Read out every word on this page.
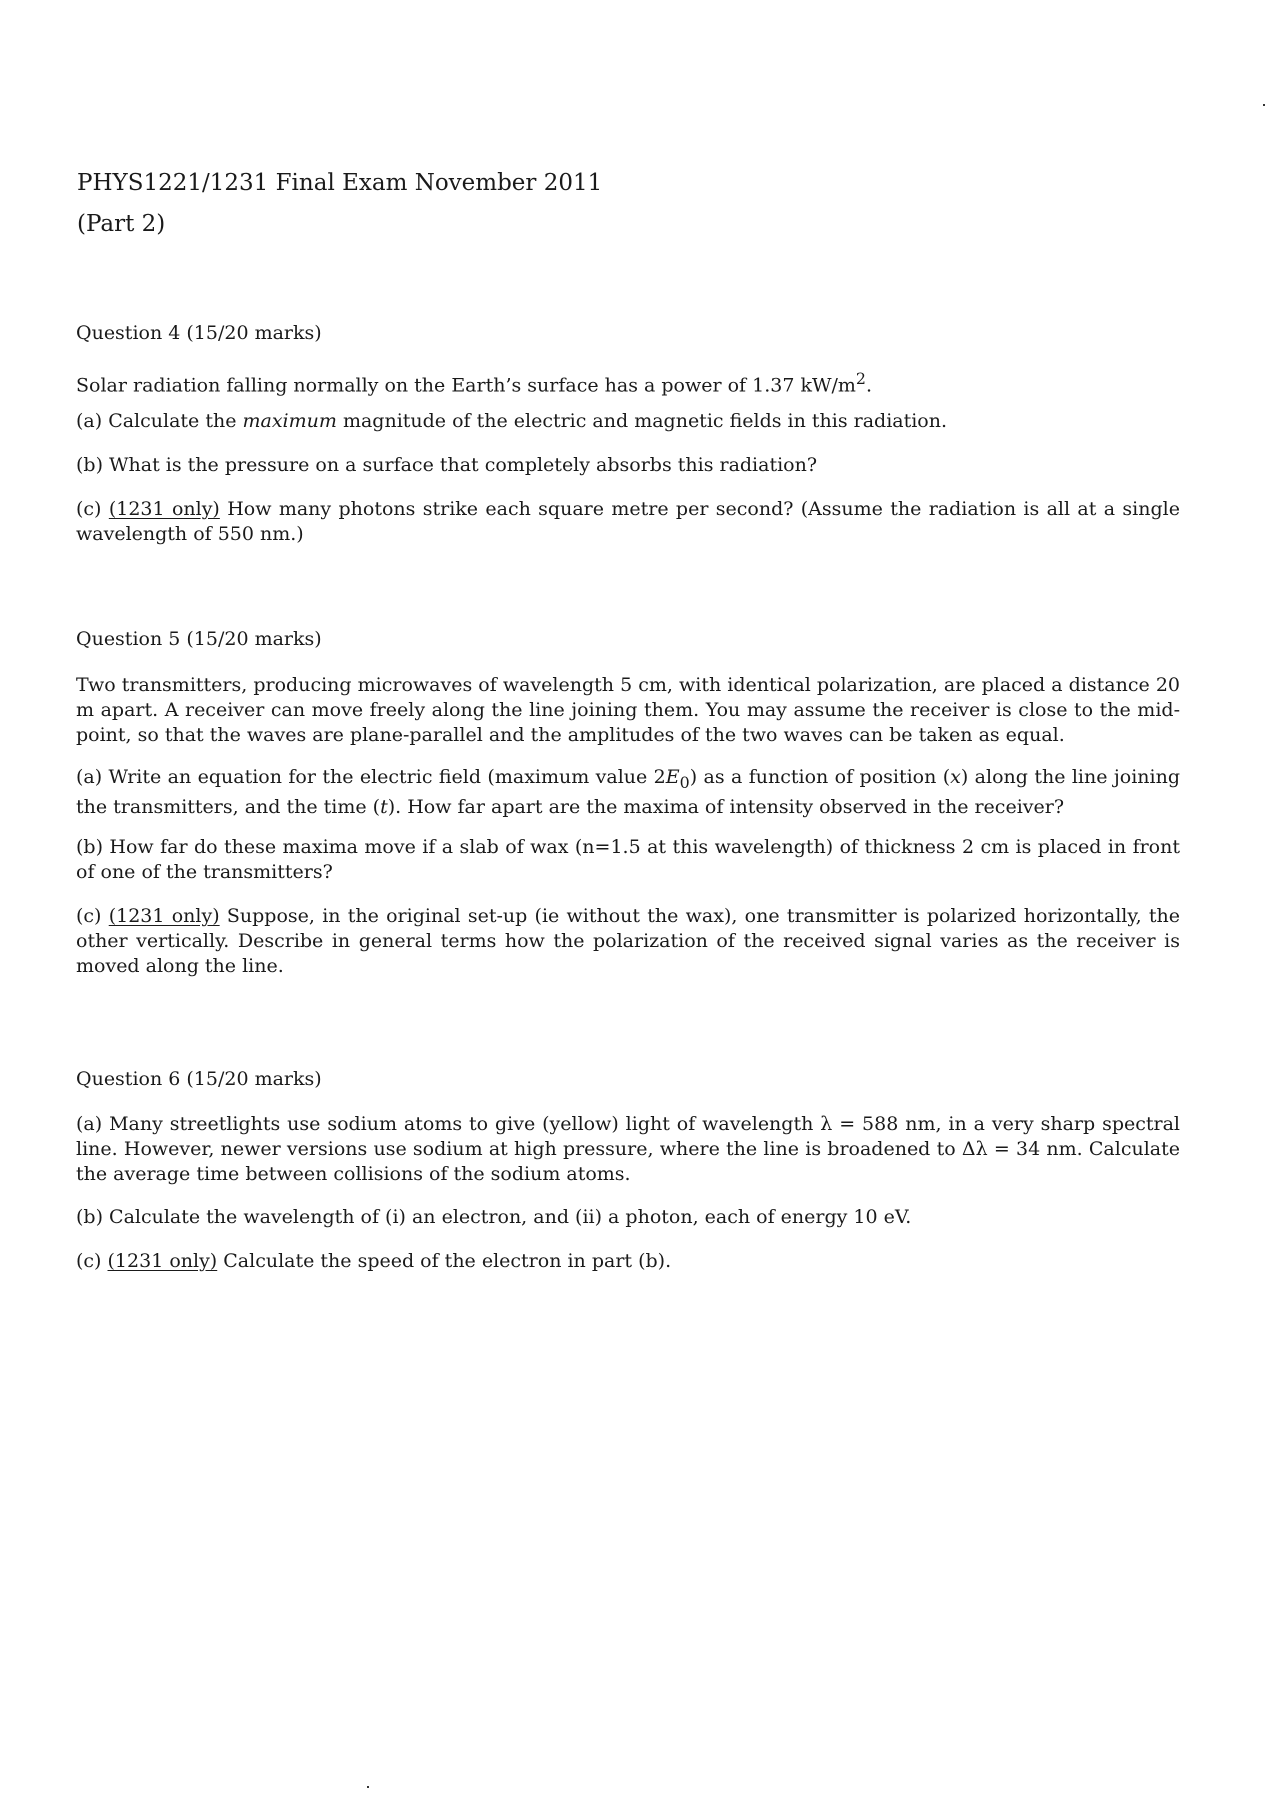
PHYS1221/1231 Final Exam November 2011
(Part 2)
Question 4 (15/20 marks)
Solar radiation falling normally on the Earth’s surface has a power of 1.37 $kW/m^2$.
(a) Calculate the maximum magnitude of the electric and magnetic fields in this radiation.
(b) What is the pressure on a surface that completely absorbs this radiation?
(c) (1231 only) How many photons strike each square metre per second? (Assume the radiation is all at a single wavelength of 550 nm.)
Question 5 (15/20 marks)
Two transmitters, producing microwaves of wavelength 5 cm, with identical polarization, are placed a distance 20 m apart. A receiver can move freely along the line joining them. You may assume the receiver is close to the mid-point, so that the waves are plane-parallel and the amplitudes of the two waves can be taken as equal.
(a) Write an equation for the electric field (maximum value $2E_0$) as a function of position (x) along the line joining the transmitters, and the time (t). How far apart are the maxima of intensity observed in the receiver?
(b) How far do these maxima move if a slab of wax (n=1.5 at this wavelength) of thickness 2 cm is placed in front of one of the transmitters?
(c) (1231 only) Suppose, in the original set-up (ie without the wax), one transmitter is polarized horizontally, the other vertically. Describe in general terms how the polarization of the received signal varies as the receiver is moved along the line.
Question 6 (15/20 marks)
(a) Many streetlights use sodium atoms to give (yellow) light of wavelength λ = 588 nm, in a very sharp spectral line. However, newer versions use sodium at high pressure, where the line is broadened to Δλ = 34 nm. Calculate the average time between collisions of the sodium atoms.
(b) Calculate the wavelength of (i) an electron, and (ii) a photon, each of energy 10 eV.
(c) (1231 only) Calculate the speed of the electron in part (b).
